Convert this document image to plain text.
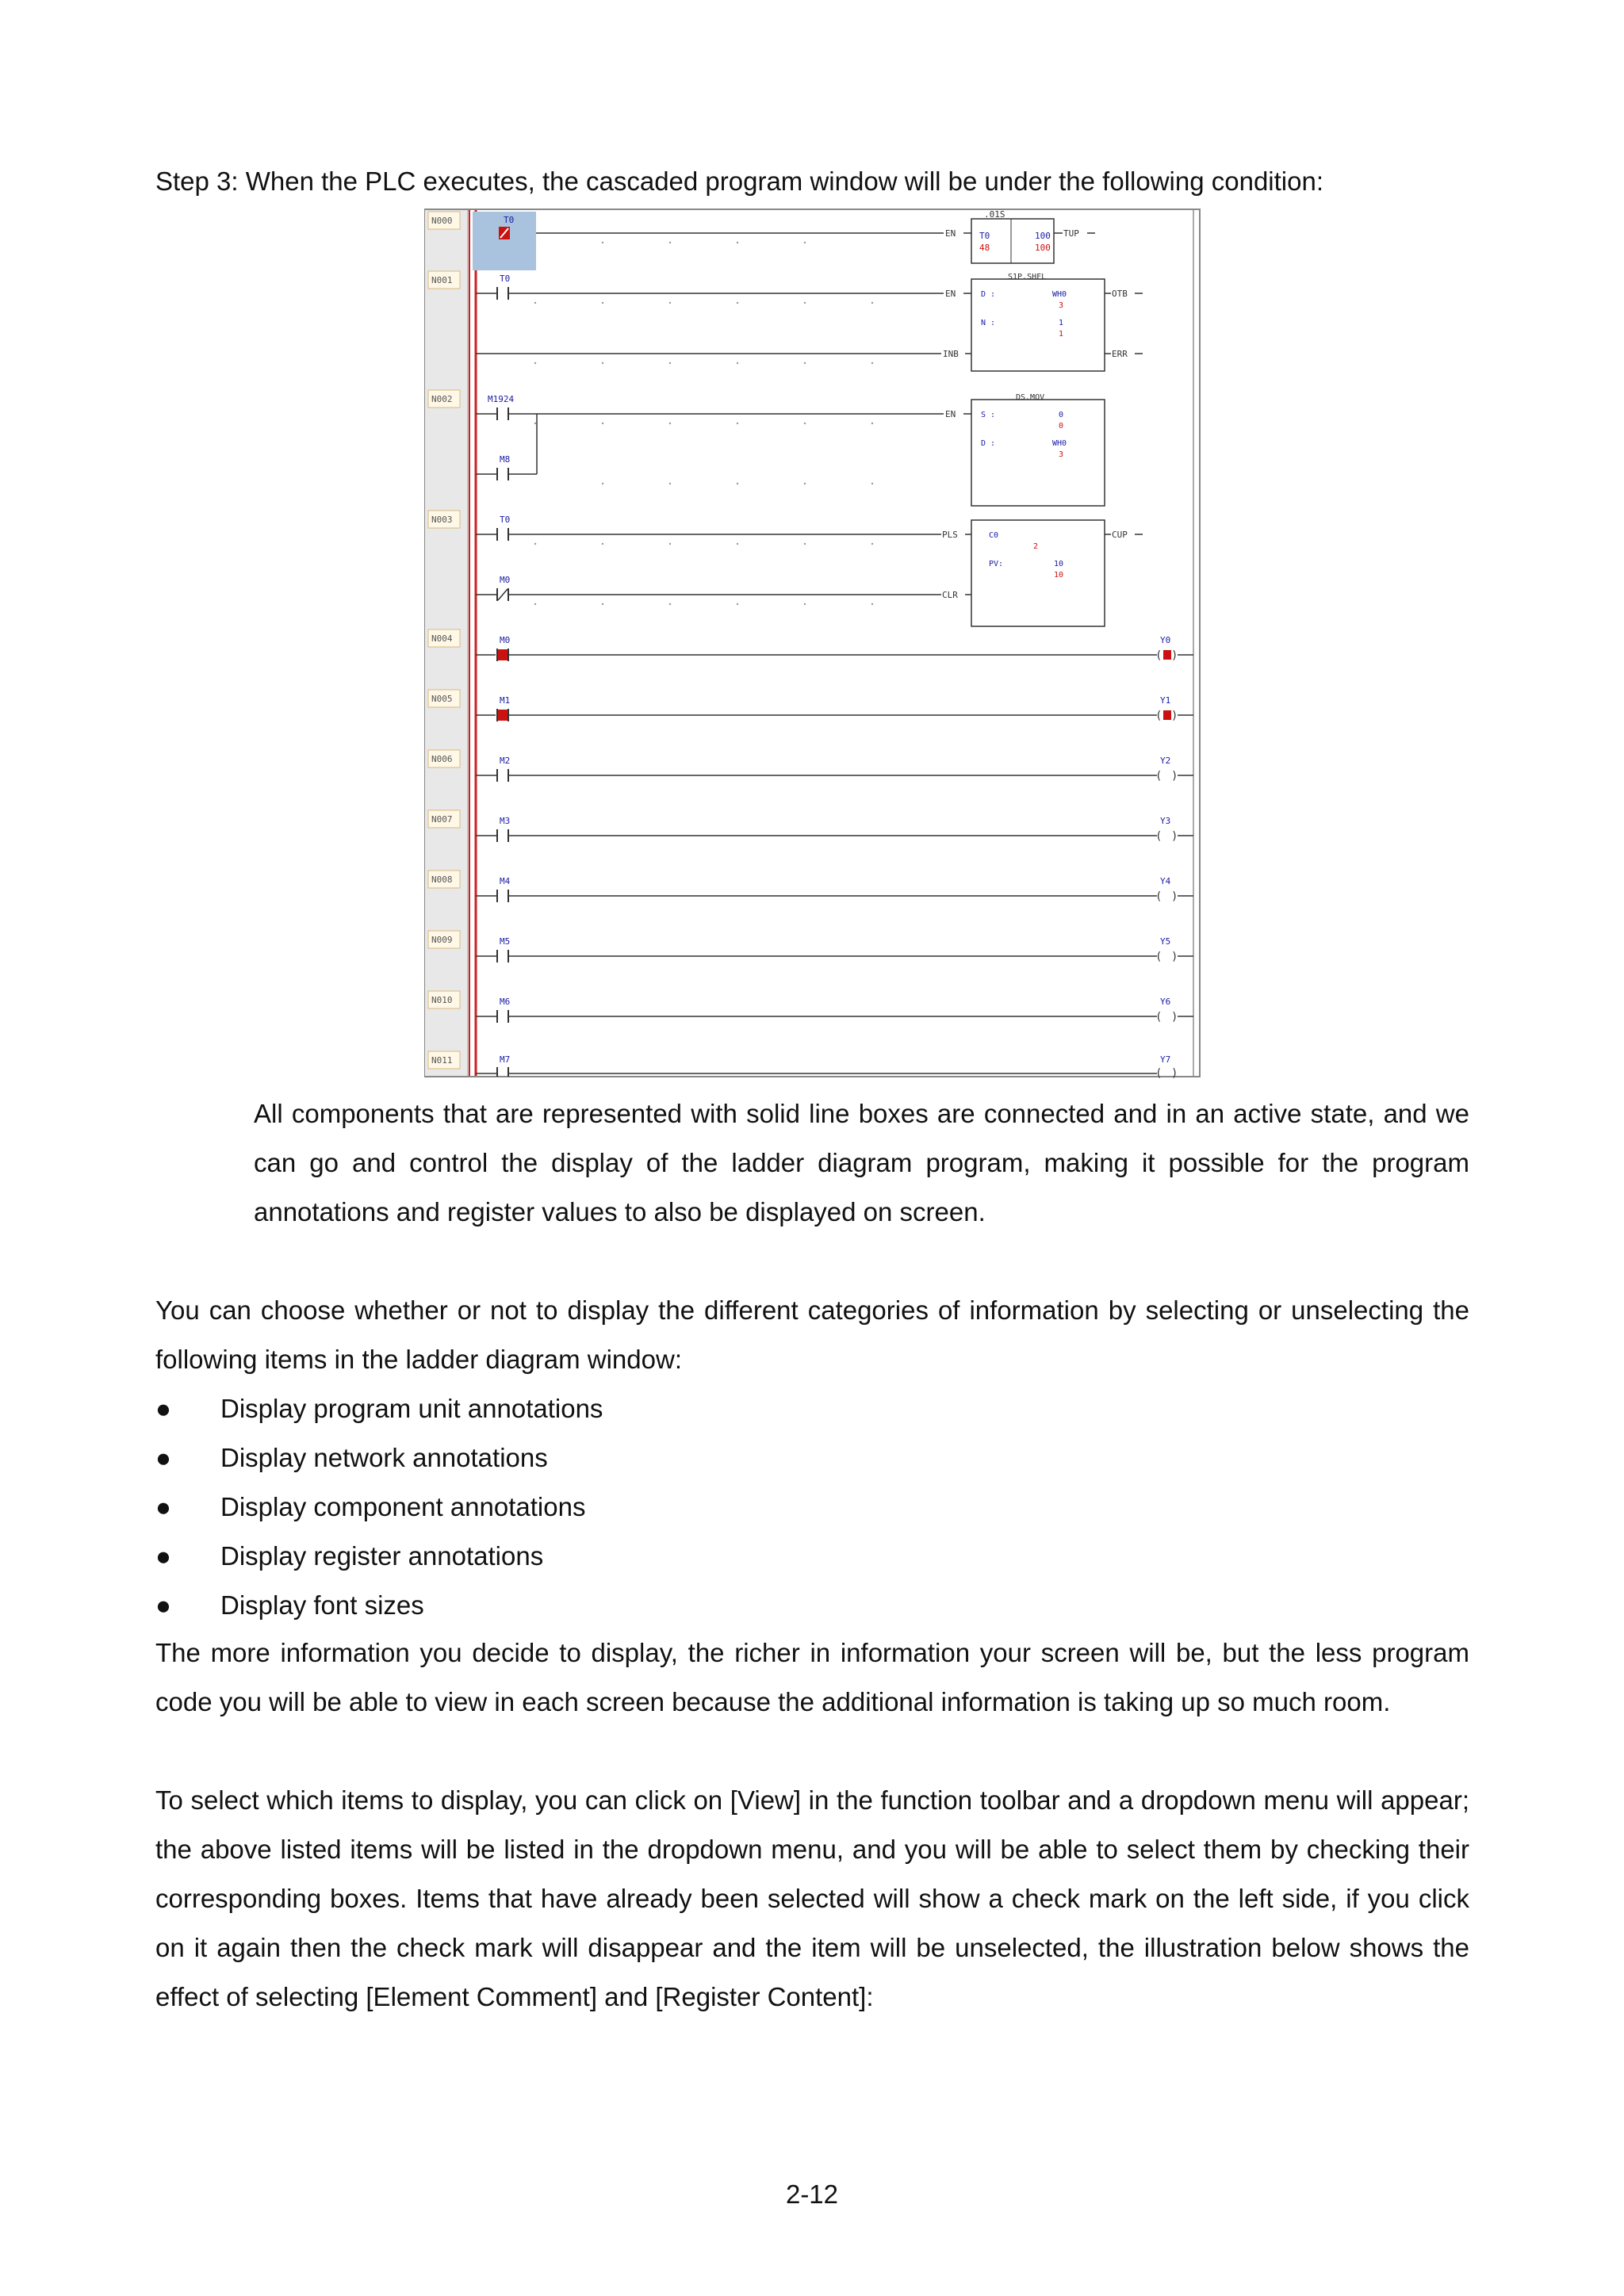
Step 3: When the PLC executes, the cascaded program window will be under the following condition:

N000
N001
N002
N003
N004
N005
N006
N007
N008
N009
N010
N011
T0
EN
.01S
T0
48
100
100
TUP
T0
EN
S1P.SHFL
D :	WH0
3
N :	1
1
OTB
INB	ERR
M1924
M8
EN
DS.MOV
S :	0
0
D :	WH0
3
T0
PLS
M0
CLR
C0
2
PV:	10
10
CUP
M0	Y0
( )
M1	Y1
( )
M2	Y2
( )
M3	Y3
( )
M4	Y4
( )
M5	Y5
( )
M6	Y6
( )
M7	Y7
( )

All components that are represented with solid line boxes are connected and in an active state, and we can go and control the display of the ladder diagram program, making it possible for the program annotations and register values to also be displayed on screen.

You can choose whether or not to display the different categories of information by selecting or unselecting the following items in the ladder diagram window:

● Display program unit annotations
● Display network annotations
● Display component annotations
● Display register annotations
● Display font sizes

The more information you decide to display, the richer in information your screen will be, but the less program code you will be able to view in each screen because the additional information is taking up so much room.

To select which items to display, you can click on [View] in the function toolbar and a dropdown menu will appear; the above listed items will be listed in the dropdown menu, and you will be able to select them by checking their corresponding boxes. Items that have already been selected will show a check mark on the left side, if you click on it again then the check mark will disappear and the item will be unselected, the illustration below shows the effect of selecting [Element Comment] and [Register Content]:

2-12
